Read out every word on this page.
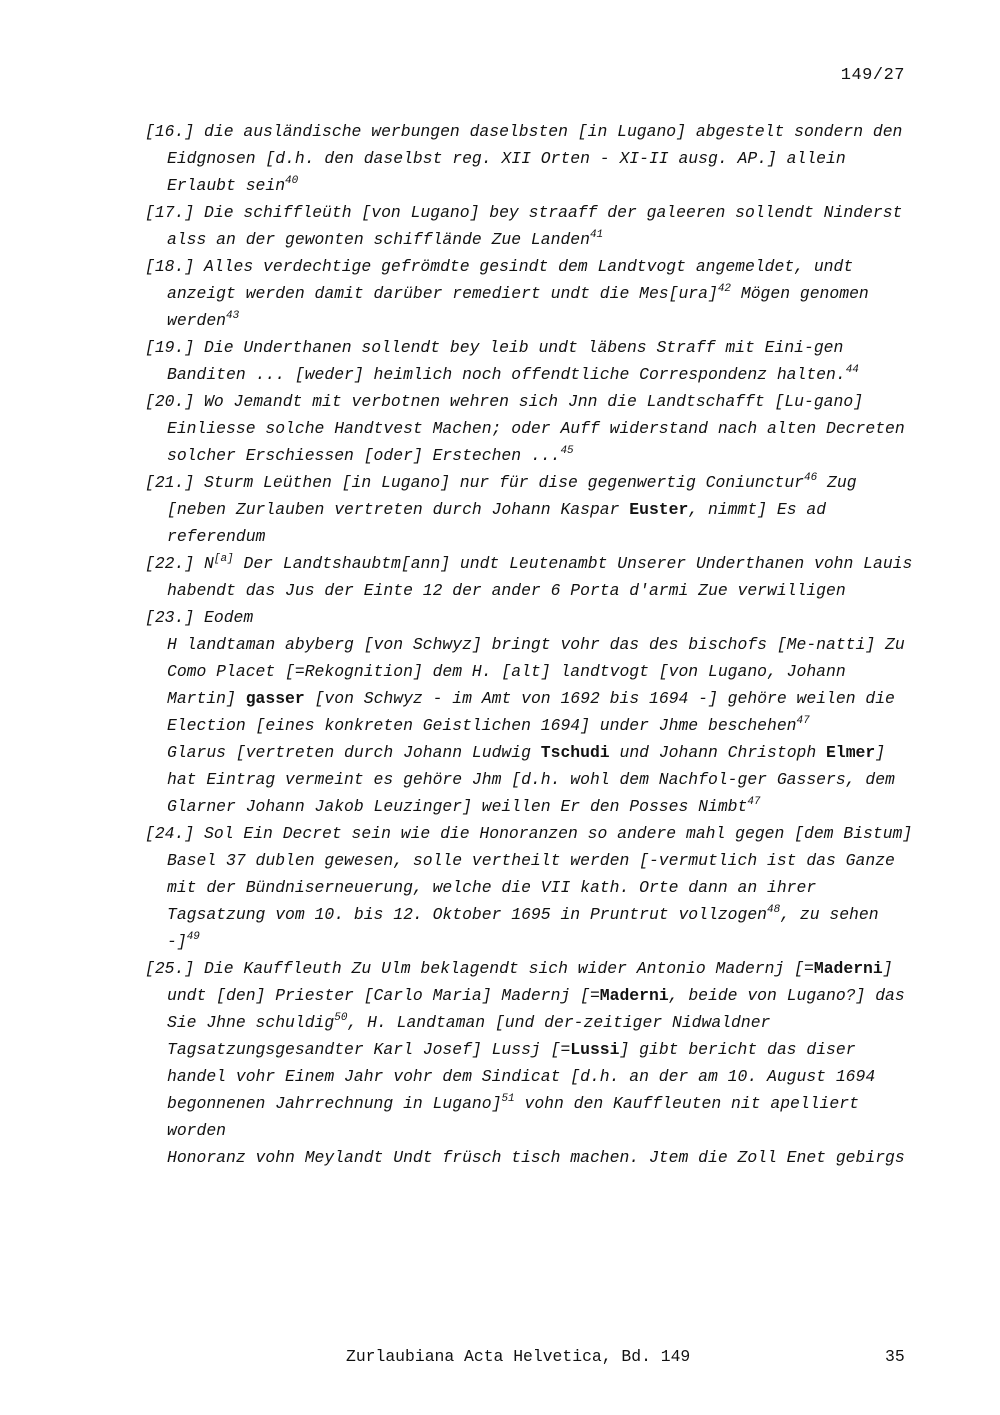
149/27

[16.] die ausländische werbungen daselbsten [in Lugano] abgestelt sondern den Eidgnosen [d.h. den daselbst reg. XII Orten - XI-II ausg. AP.] allein Erlaubt sein$^{40}$

[17.] Die schiffleüth [von Lugano] bey straaff der galeeren sollendt Ninderst alss an der gewonten schifflände Zue Landen$^{41}$

[18.] Alles verdechtige gefrömdte gesindt dem Landtvogt angemeldet, undt anzeigt werden damit darüber remediert undt die Mes[ura]$^{42}$ Mögen genomen werden$^{43}$

[19.] Die Underthanen sollendt bey leib undt läbens Straff mit Eini-gen Banditen ... [weder] heimlich noch offendtliche Correspondenz halten.$^{44}$

[20.] Wo Jemandt mit verbotnen wehren sich Jnn die Landtschafft [Lu-gano] Einliesse solche Handtvest Machen; oder Auff widerstand nach alten Decreten solcher Erschiessen [oder] Erstechen ...$^{45}$

[21.] Sturm Leüthen [in Lugano] nur für dise gegenwertig Coniunctur$^{46}$ Zug [neben Zurlauben vertreten durch Johann Kaspar Euster, nimmt] Es ad referendum

[22.] N[a] Der Landtshaubtm[ann] undt Leutenambt Unserer Underthanen vohn Lauis habendt das Jus der Einte 12 der ander 6 Porta d'armi Zue verwilligen

[23.] Eodem

H landtaman abyberg [von Schwyz] bringt vohr das des bischofs [Me-natti] Zu Como Placet [=Rekognition] dem H. [alt] landtvogt [von Lugano, Johann Martin] gasser [von Schwyz - im Amt von 1692 bis 1694 -] gehöre weilen die Election [eines konkreten Geistlichen 1694] under Jhme beschehen$^{47}$

Glarus [vertreten durch Johann Ludwig Tschudi und Johann Christoph Elmer] hat Eintrag vermeint es gehöre Jhm [d.h. wohl dem Nachfol-ger Gassers, dem Glarner Johann Jakob Leuzinger] weillen Er den Posses Nimbt$^{47}$

[24.] Sol Ein Decret sein wie die Honoranzen so andere mahl gegen [dem Bistum] Basel 37 dublen gewesen, solle vertheilt werden [-vermutlich ist das Ganze mit der Bündniserneuerung, welche die VII kath. Orte dann an ihrer Tagsatzung vom 10. bis 12. Oktober 1695 in Pruntrut vollzogen$^{48}$, zu sehen -]$^{49}$

[25.] Die Kauffleuth Zu Ulm beklagendt sich wider Antonio Madernj [=Maderni] undt [den] Priester [Carlo Maria] Madernj [=Maderni, beide von Lugano?] das Sie Jhne schuldig$^{50}$, H. Landtaman [und der-zeitiger Nidwaldner Tagsatzungsgesandter Karl Josef] Lussj [=Lussi] gibt bericht das diser handel vohr Einem Jahr vohr dem Sindicat [d.h. an der am 10. August 1694 begonnenen Jahrrechnung in Lugano]$^{51}$ vohn den Kauffleuten nit apelliert worden

Honoranz vohn Meylandt Undt früsch tisch machen. Jtem die Zoll Enet gebirgs

Zurlaubiana Acta Helvetica, Bd. 149	35
